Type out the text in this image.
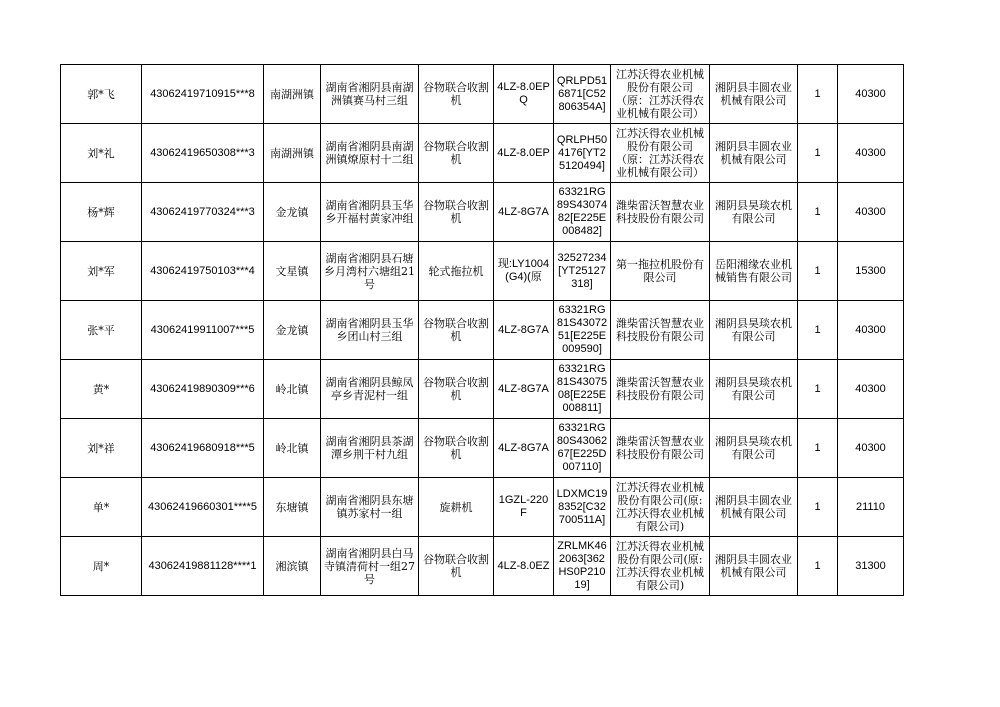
郭*飞	43062419710915***8	南湖洲镇	湖南省湘阴县南湖洲镇赛马村三组	谷物联合收割机	4LZ-8.0EPQ	QRLPD516871[C52806354A]	江苏沃得农业机械股份有限公司（原：江苏沃得农业机械有限公司）	湘阴县丰圆农业机械有限公司	1	40300
刘*礼	43062419650308***3	南湖洲镇	湖南省湘阴县南湖洲镇燎原村十二组	谷物联合收割机	4LZ-8.0EP	QRLPH504176[YT25120494]	江苏沃得农业机械股份有限公司（原：江苏沃得农业机械有限公司）	湘阴县丰圆农业机械有限公司	1	40300
杨*辉	43062419770324***3	金龙镇	湖南省湘阴县玉华乡开福村黄家冲组	谷物联合收割机	4LZ-8G7A	63321RG89S4307482[E225E008482]	潍柴雷沃智慧农业科技股份有限公司	湘阴县昊琰农机有限公司	1	40300
刘*军	43062419750103***4	文星镇	湖南省湘阴县石塘乡月湾村六塘组21号	轮式拖拉机	现:LY1004(G4)(原	32527234[YT25127318]	第一拖拉机股份有限公司	岳阳湘缘农业机械销售有限公司	1	15300
张*平	43062419911007***5	金龙镇	湖南省湘阴县玉华乡团山村三组	谷物联合收割机	4LZ-8G7A	63321RG81S4307251[E225E009590]	潍柴雷沃智慧农业科技股份有限公司	湘阴县昊琰农机有限公司	1	40300
黄*	43062419890309***6	岭北镇	湖南省湘阴县鲸凤亭乡青泥村一组	谷物联合收割机	4LZ-8G7A	63321RG81S4307508[E225E008811]	潍柴雷沃智慧农业科技股份有限公司	湘阴县昊琰农机有限公司	1	40300
刘*祥	43062419680918***5	岭北镇	湖南省湘阴县茶湖潭乡荆干村九组	谷物联合收割机	4LZ-8G7A	63321RG80S4306267[E225D007110]	潍柴雷沃智慧农业科技股份有限公司	湘阴县昊琰农机有限公司	1	40300
单*	43062419660301****5	东塘镇	湖南省湘阴县东塘镇苏家村一组	旋耕机	1GZL-220F	LDXMC198352[C32700511A]	江苏沃得农业机械股份有限公司(原:江苏沃得农业机械有限公司)	湘阴县丰圆农业机械有限公司	1	21110
周*	43062419881128****1	湘滨镇	湖南省湘阴县白马寺镇清荷村一组27号	谷物联合收割机	4LZ-8.0EZ	ZRLMK462063[362HS0P21019]	江苏沃得农业机械股份有限公司(原:江苏沃得农业机械有限公司)	湘阴县丰圆农业机械有限公司	1	31300
